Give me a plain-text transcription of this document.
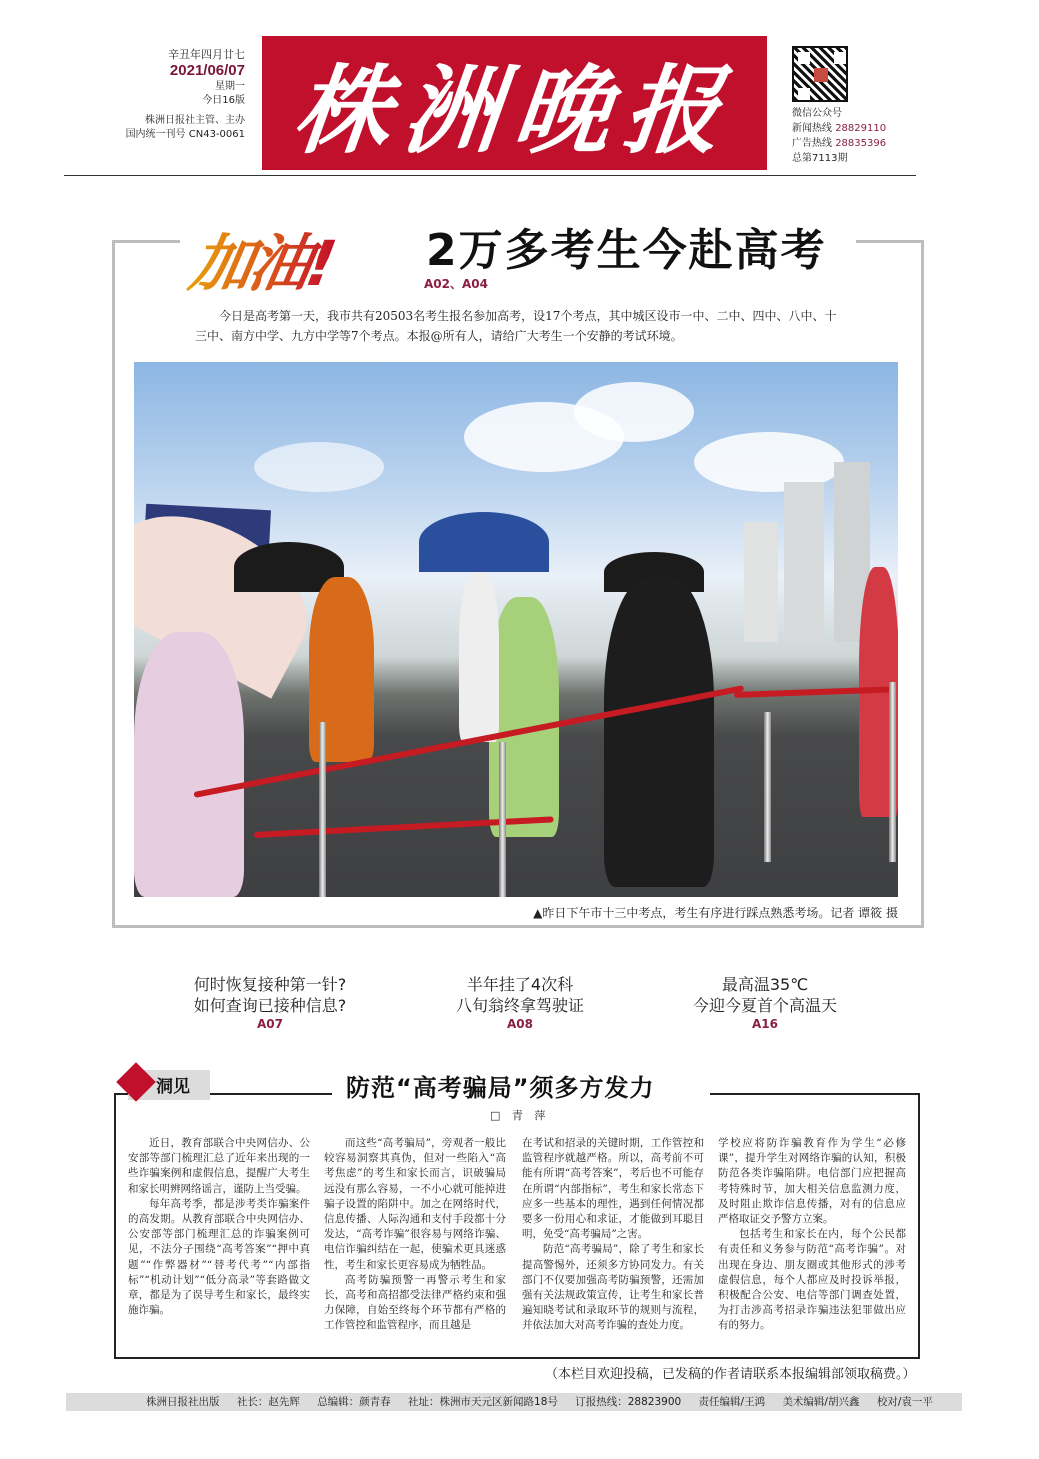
辛丑年四月廿七
2021/06/07
星期一
今日16版
株洲日报社主管、主办
国内统一刊号 CN43-0061 株洲晚报	微信公众号
新闻热线 28829110
广告热线 28835396
总第7113期
加油! 2万多考生今赴高考
A02、A04
今日是高考第一天，我市共有20503名考生报名参加高考，设17个考点，其中城区设市一中、二中、四中、八中、十三中、南方中学、九方中学等7个考点。本报@所有人，请给广大考生一个安静的考试环境。
▲昨日下午市十三中考点，考生有序进行踩点熟悉考场。记者 谭筱 摄
何时恢复接种第一针?
如何查询已接种信息?
A07
半年挂了4次科
八旬翁终拿驾驶证
A08
最高温35℃
今迎今夏首个高温天
A16
洞见	防范“高考骗局”须多方发力
□ 青 萍

近日，教育部联合中央网信办、公安部等部门梳理汇总了近年来出现的一些诈骗案例和虚假信息，提醒广大考生和家长明辨网络谣言，谨防上当受骗。

每年高考季，都是涉考类诈骗案件的高发期。从教育部联合中央网信办、公安部等部门梳理汇总的诈骗案例可见，不法分子围绕“高考答案”“押中真题”“作弊器材”“替考代考”“内部指标”“机动计划”“低分高录”等套路做文章，都是为了误导考生和家长，最终实施诈骗。

而这些“高考骗局”，旁观者一般比较容易洞察其真伪，但对一些陷入“高考焦虑”的考生和家长而言，识破骗局远没有那么容易，一不小心就可能掉进骗子设置的陷阱中。加之在网络时代，信息传播、人际沟通和支付手段都十分发达，“高考诈骗”很容易与网络诈骗、电信诈骗纠结在一起，使骗术更具迷惑性，考生和家长更容易成为牺牲品。

高考防骗预警一再警示考生和家长，高考和高招都受法律严格约束和强力保障，自始至终每个环节都有严格的工作管控和监管程序，而且越是

在考试和招录的关键时期，工作管控和监管程序就越严格。所以，高考前不可能有所谓“高考答案”，考后也不可能存在所谓“内部指标”，考生和家长常态下应多一些基本的理性，遇到任何情况都要多一份用心和求证，才能做到耳聪目明，免受“高考骗局”之害。

防范“高考骗局”，除了考生和家长提高警惕外，还须多方协同发力。有关部门不仅要加强高考防骗预警，还需加强有关法规政策宣传，让考生和家长普遍知晓考试和录取环节的规则与流程，并依法加大对高考诈骗的查处力度。

学校应将防诈骗教育作为学生“必修课”，提升学生对网络诈骗的认知，积极防范各类诈骗陷阱。电信部门应把握高考特殊时节，加大相关信息监测力度，及时阻止欺诈信息传播，对有的信息应严格取证交予警方立案。

包括考生和家长在内，每个公民都有责任和义务参与防范“高考诈骗”。对出现在身边、朋友圈或其他形式的涉考虚假信息，每个人都应及时投诉举报，积极配合公安、电信等部门调查处置，为打击涉高考招录诈骗违法犯罪做出应有的努力。

（本栏目欢迎投稿，已发稿的作者请联系本报编辑部领取稿费。）
株洲日报社出版 社长：赵先辉 总编辑：颜青春 社址：株洲市天元区新闻路18号 订报热线：28823900 责任编辑/王鸿 美术编辑/胡兴鑫 校对/袁一平
